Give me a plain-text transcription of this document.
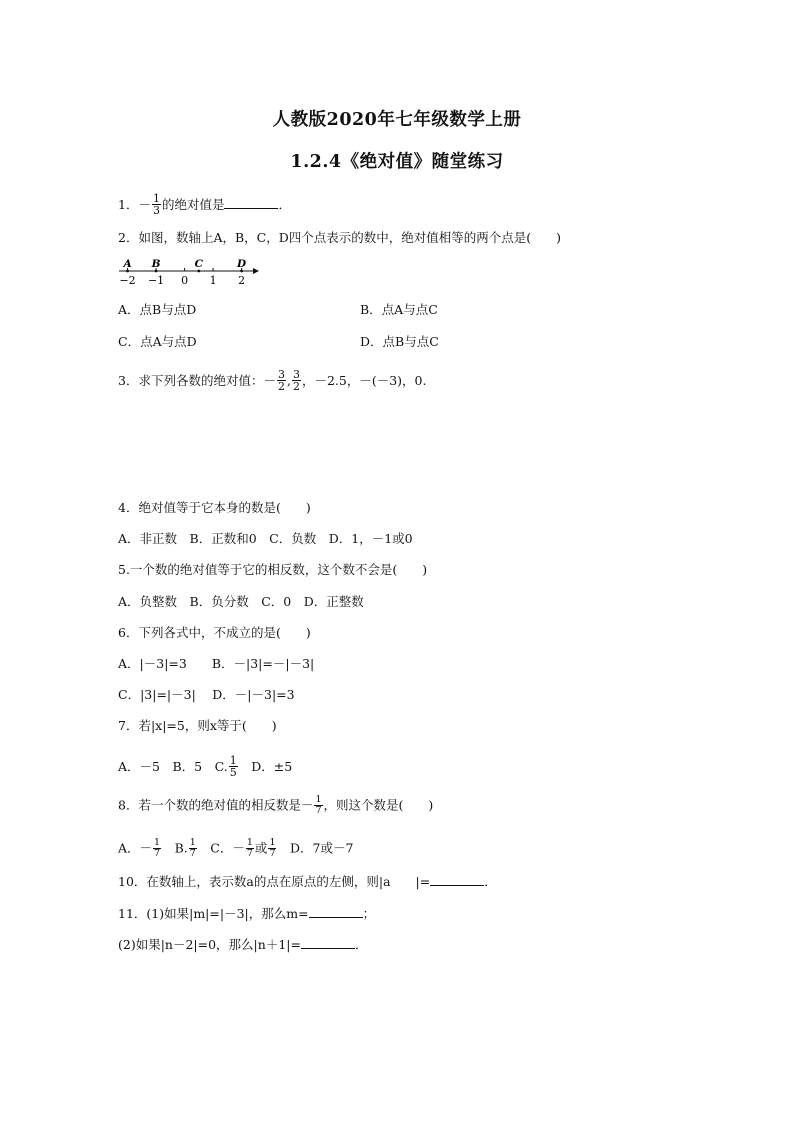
人教版2020年七年级数学上册
1.2.4《绝对值》随堂练习
1．－ $\frac{1}{3}$ 的绝对值是	．
2．如图，数轴上A，B，C，D四个点表示的数中，绝对值相等的两个点是(　　)
−2 −1 0 1 2
A B	C	D
A．点B与点D	B．点A与点C
C．点A与点D	D．点B与点C
3．求下列各数的绝对值：－ $\frac{3}{2}$ , $\frac{3}{2}$ ，－2.5，－(－3)，0.
4．绝对值等于它本身的数是(　　)
A．非正数　B．正数和0　C．负数　D．1，－1或0
5.一个数的绝对值等于它的相反数，这个数不会是(　　)
A．负整数　B．负分数　C．0　D．正整数
6．下列各式中，不成立的是(　　)
A．|－3|=3　　B．－|3|=－|－3|
C．|3|=|－3|　 D．－|－3|=3
7．若|x|=5，则x等于(　　)
A．－5　B．5　C. $\frac{1}{5}$ 　D．±5
8．若一个数的绝对值的相反数是－ $\frac{1}{7}$ ，则这个数是(　　)
A．－ $\frac{1}{7}$ 　B. $\frac{1}{7}$ 　C．－ $\frac{1}{7}$ 或 $\frac{1}{7}$ 　D．7或－7
10．在数轴上，表示数a的点在原点的左侧，则|a　　|=	．
11．(1)如果|m|=|－3|，那么m=	；
(2)如果|n－2|=0，那么|n＋1|=	．
